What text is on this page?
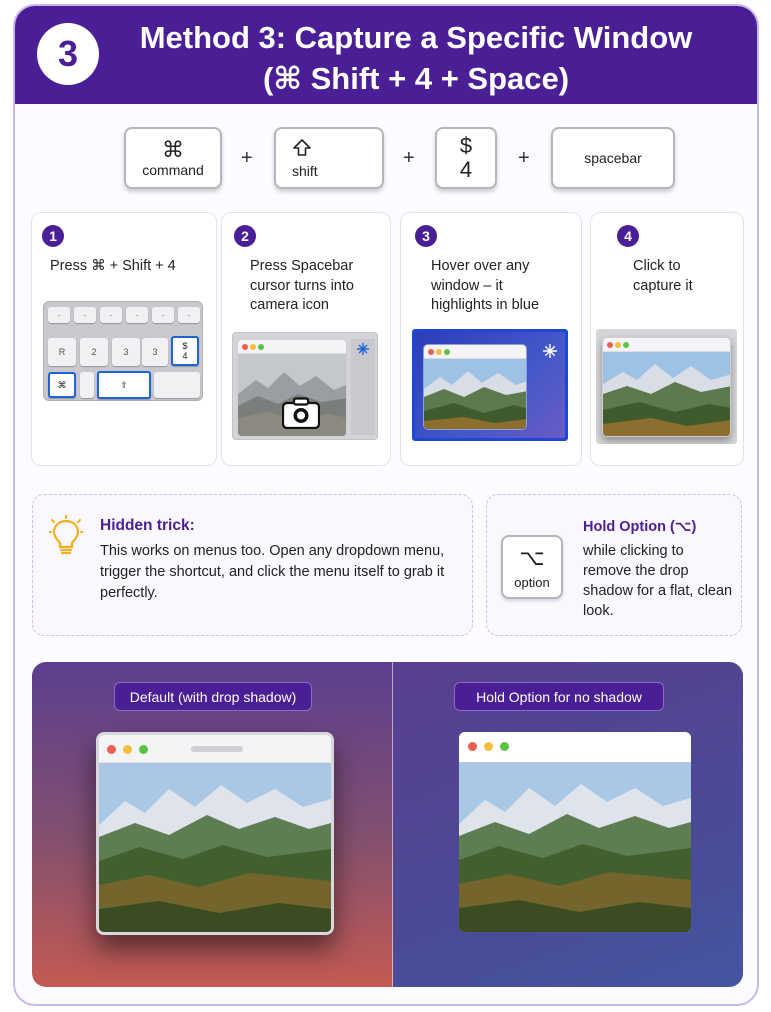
3	Method 3: Capture a Specific Window
(⌘ Shift + 4 + Space)
⌘
command
+
shift
+ $
4 +	spacebar
1
Press ⌘ + Shift + 4
·	·	·	·	·	·
R	2	3	3
$
4
⌘	⇧
2
Press Spacebar
cursor turns into
camera icon
3
Hover over any
window – it
highlights in blue
4
Click to
capture it
Hidden trick:
This works on menus too. Open any dropdown menu, trigger the shortcut, and click the menu itself to grab it perfectly.
⌥
option
Hold Option (⌥)
while clicking to remove the drop shadow for a flat, clean look.
Default (with drop shadow)	Hold Option for no shadow
